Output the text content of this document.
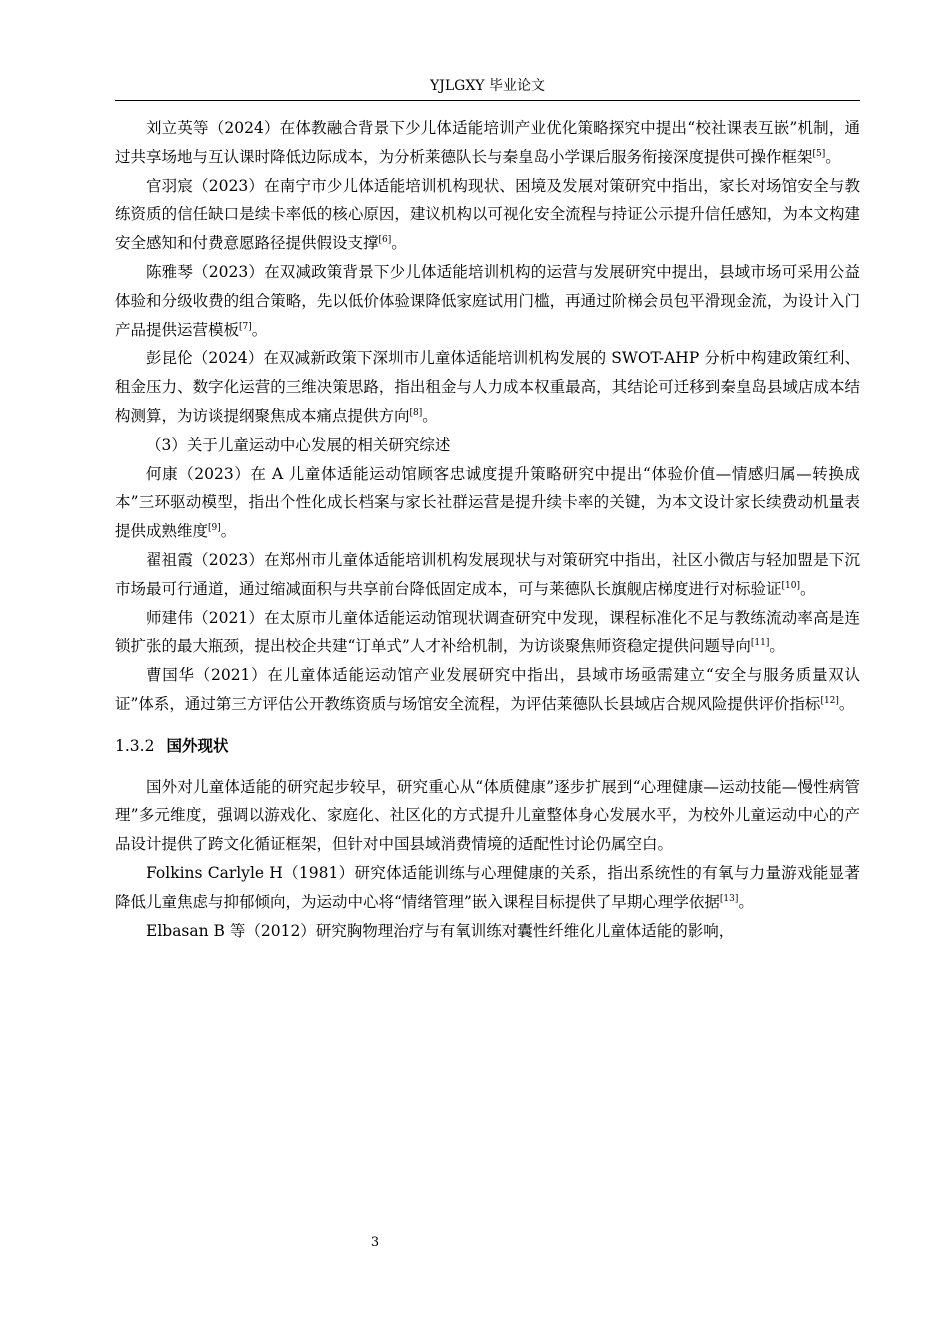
YJLGXY 毕业论文

刘立英等（2024）在体教融合背景下少儿体适能培训产业优化策略探究中提出“校社课表互嵌”机制，通过共享场地与互认课时降低边际成本，为分析莱德队长与秦皇岛小学课后服务衔接深度提供可操作框架[5]。

官羽宸（2023）在南宁市少儿体适能培训机构现状、困境及发展对策研究中指出，家长对场馆安全与教练资质的信任缺口是续卡率低的核心原因，建议机构以可视化安全流程与持证公示提升信任感知，为本文构建安全感知和付费意愿路径提供假设支撑[6]。

陈雅琴（2023）在双减政策背景下少儿体适能培训机构的运营与发展研究中提出，县域市场可采用公益体验和分级收费的组合策略，先以低价体验课降低家庭试用门槛，再通过阶梯会员包平滑现金流，为设计入门产品提供运营模板[7]。

彭昆伦（2024）在双减新政策下深圳市儿童体适能培训机构发展的 SWOT-AHP 分析中构建政策红利、租金压力、数字化运营的三维决策思路，指出租金与人力成本权重最高，其结论可迁移到秦皇岛县域店成本结构测算，为访谈提纲聚焦成本痛点提供方向[8]。

（3）关于儿童运动中心发展的相关研究综述

何康（2023）在 A 儿童体适能运动馆顾客忠诚度提升策略研究中提出“体验价值—情感归属—转换成本”三环驱动模型，指出个性化成长档案与家长社群运营是提升续卡率的关键，为本文设计家长续费动机量表提供成熟维度[9]。

翟祖霞（2023）在郑州市儿童体适能培训机构发展现状与对策研究中指出，社区小微店与轻加盟是下沉市场最可行通道，通过缩减面积与共享前台降低固定成本，可与莱德队长旗舰店梯度进行对标验证[10]。

师建伟（2021）在太原市儿童体适能运动馆现状调查研究中发现，课程标准化不足与教练流动率高是连锁扩张的最大瓶颈，提出校企共建“订单式”人才补给机制，为访谈聚焦师资稳定提供问题导向[11]。

曹国华（2021）在儿童体适能运动馆产业发展研究中指出，县域市场亟需建立“安全与服务质量双认证”体系，通过第三方评估公开教练资质与场馆安全流程，为评估莱德队长县域店合规风险提供评价指标[12]。

1.3.2 国外现状

国外对儿童体适能的研究起步较早，研究重心从“体质健康”逐步扩展到“心理健康—运动技能—慢性病管理”多元维度，强调以游戏化、家庭化、社区化的方式提升儿童整体身心发展水平，为校外儿童运动中心的产品设计提供了跨文化循证框架，但针对中国县域消费情境的适配性讨论仍属空白。

Folkins Carlyle H（1981）研究体适能训练与心理健康的关系，指出系统性的有氧与力量游戏能显著降低儿童焦虑与抑郁倾向，为运动中心将“情绪管理”嵌入课程目标提供了早期心理学依据[13]。

Elbasan B 等（2012）研究胸物理治疗与有氧训练对囊性纤维化儿童体适能的影响，

3
